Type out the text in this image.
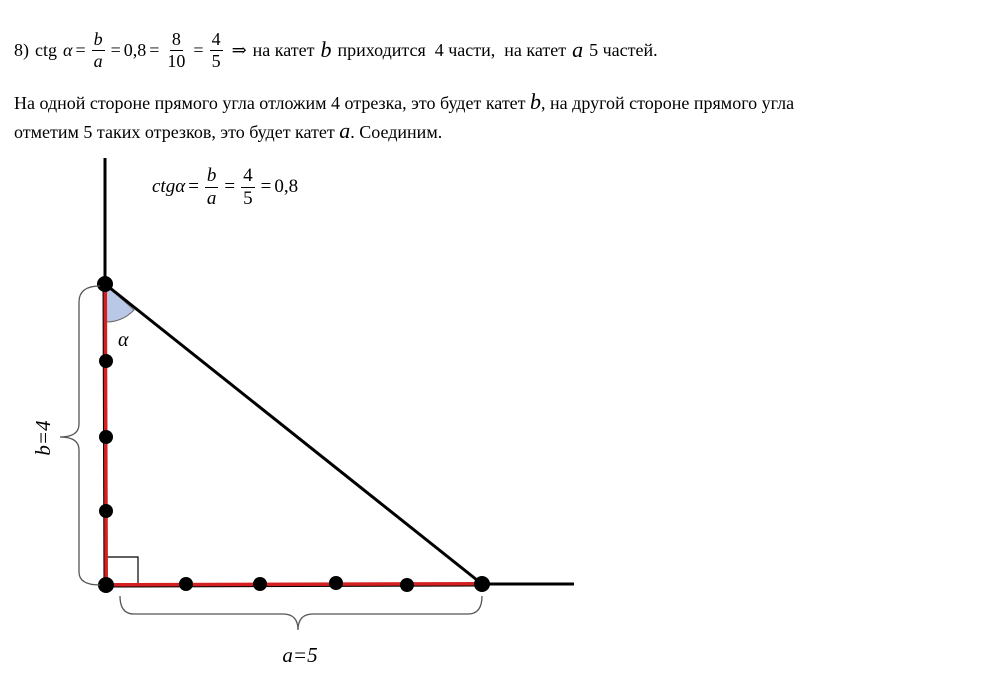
8) ctg $\alpha = \frac{b}{a} = 0,8 = \frac{8}{10} = \frac{4}{5}$ ⇒ на катет b приходится  4 части,  на катет a 5 частей.
На одной стороне прямого угла отложим 4 отрезка, это будет катет b, на другой стороне прямого угла
отметим 5 таких отрезков, это будет катет a. Соединим.
$ctg\alpha = \frac{b}{a} = \frac{4}{5} = 0,8$
α
b=4
a=5
